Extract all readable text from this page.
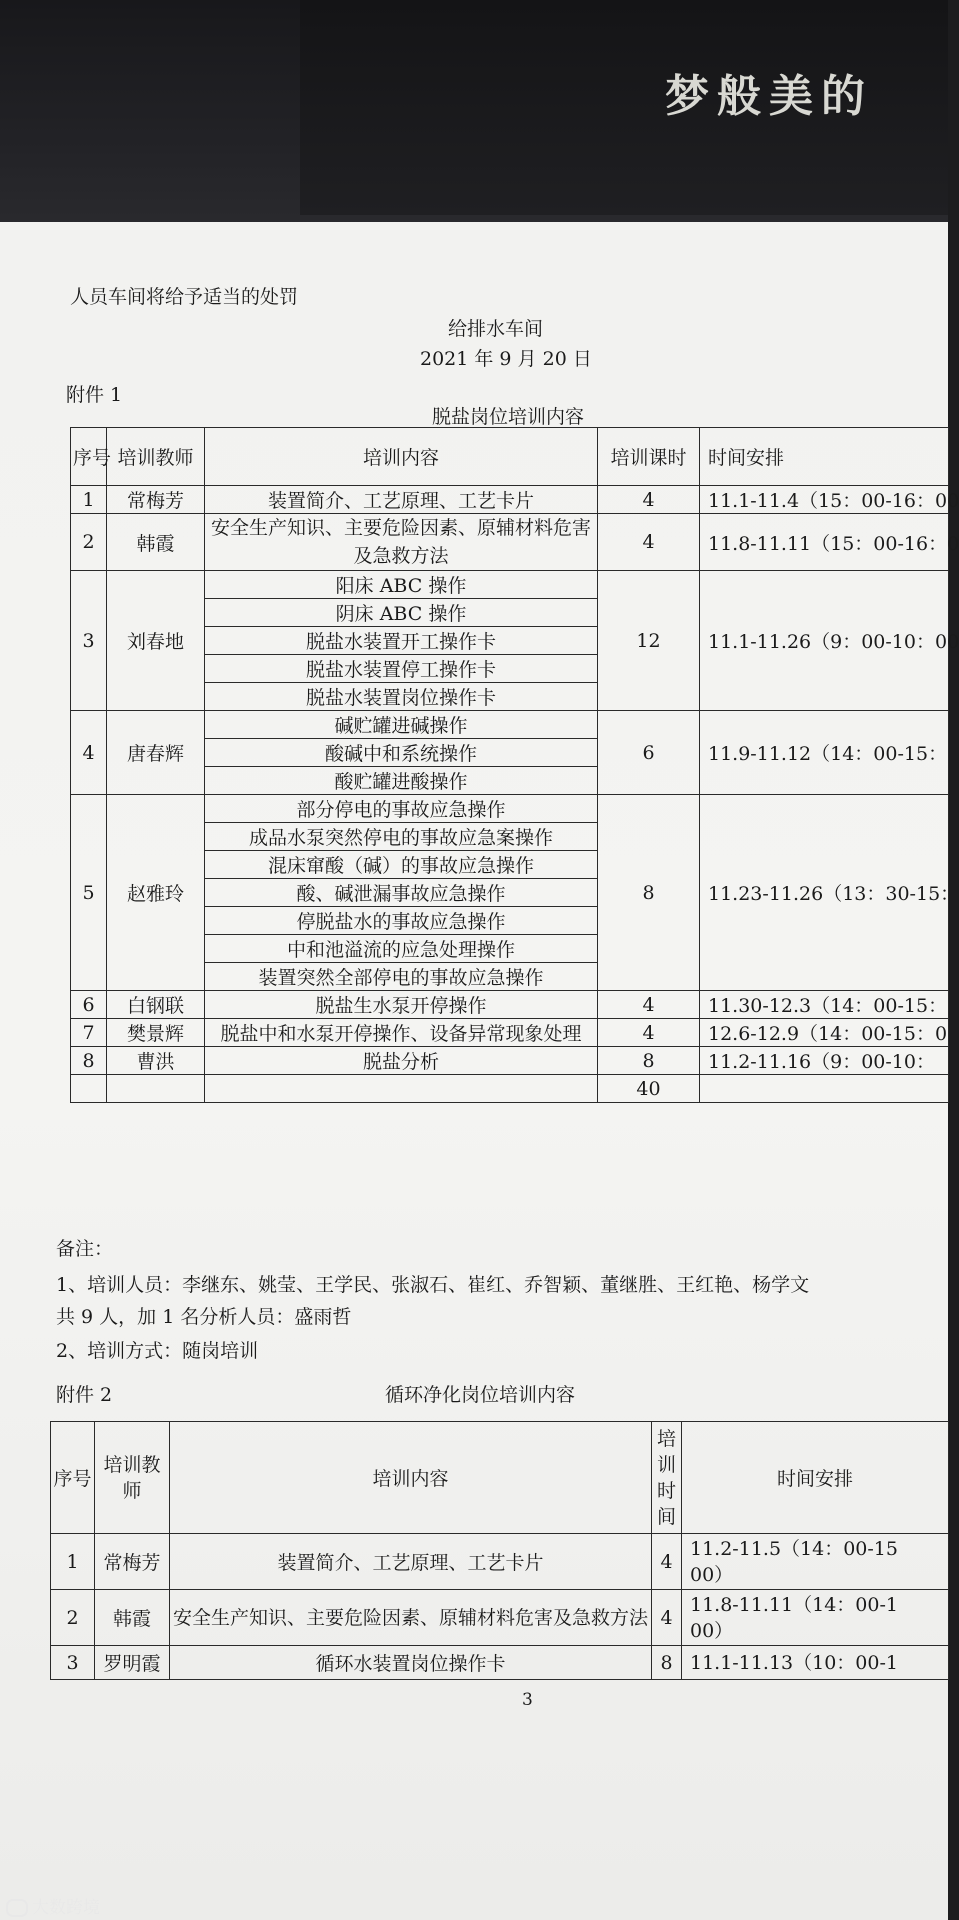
梦般美的
人员车间将给予适当的处罚
给排水车间
2021 年 9 月 20 日
附件 1
脱盐岗位培训内容
序号	培训教师	培训内容	培训课时	时间安排
1	常梅芳	装置简介、工艺原理、工艺卡片	4	11.1-11.4（15：00-16：00
2	韩霞	安全生产知识、主要危险因素、原辅材料危害及急救方法	4	11.8-11.11（15：00-16：0
3	刘春地	阳床 ABC 操作	12	11.1-11.26（9：00-10：00
		阴床 ABC 操作		
		脱盐水装置开工操作卡		
		脱盐水装置停工操作卡		
		脱盐水装置岗位操作卡		
4	唐春辉	碱贮罐进碱操作	6	11.9-11.12（14：00-15：
		酸碱中和系统操作		
		酸贮罐进酸操作		
5	赵雅玲	部分停电的事故应急操作	8	11.23-11.26（13：30-15：
		成品水泵突然停电的事故应急案操作		
		混床窜酸（碱）的事故应急操作		
		酸、碱泄漏事故应急操作		
		停脱盐水的事故应急操作		
		中和池溢流的应急处理操作		
		装置突然全部停电的事故应急操作		
6	白钢联	脱盐生水泵开停操作	4	11.30-12.3（14：00-15：
7	樊景辉	脱盐中和水泵开停操作、设备异常现象处理	4	12.6-12.9（14：00-15：0
8	曹洪	脱盐分析	8	11.2-11.16（9：00-10：
			40	
备注：
1、培训人员：李继东、姚莹、王学民、张淑石、崔红、乔智颖、董继胜、王红艳、杨学文
共 9 人，加 1 名分析人员：盛雨哲
2、培训方式：随岗培训
附件 2	循环净化岗位培训内容
序号	培训教师	培训内容	培训时间	时间安排
1	常梅芳	装置简介、工艺原理、工艺卡片	4	11.2-11.5（14：00-15
00）

2	韩霞	安全生产知识、主要危险因素、原辅材料危害及急救方法	4	11.8-11.11（14：00-1
00）

3	罗明霞	循环水装置岗位操作卡	8	11.1-11.13（10：00-1
3
大数跨境
